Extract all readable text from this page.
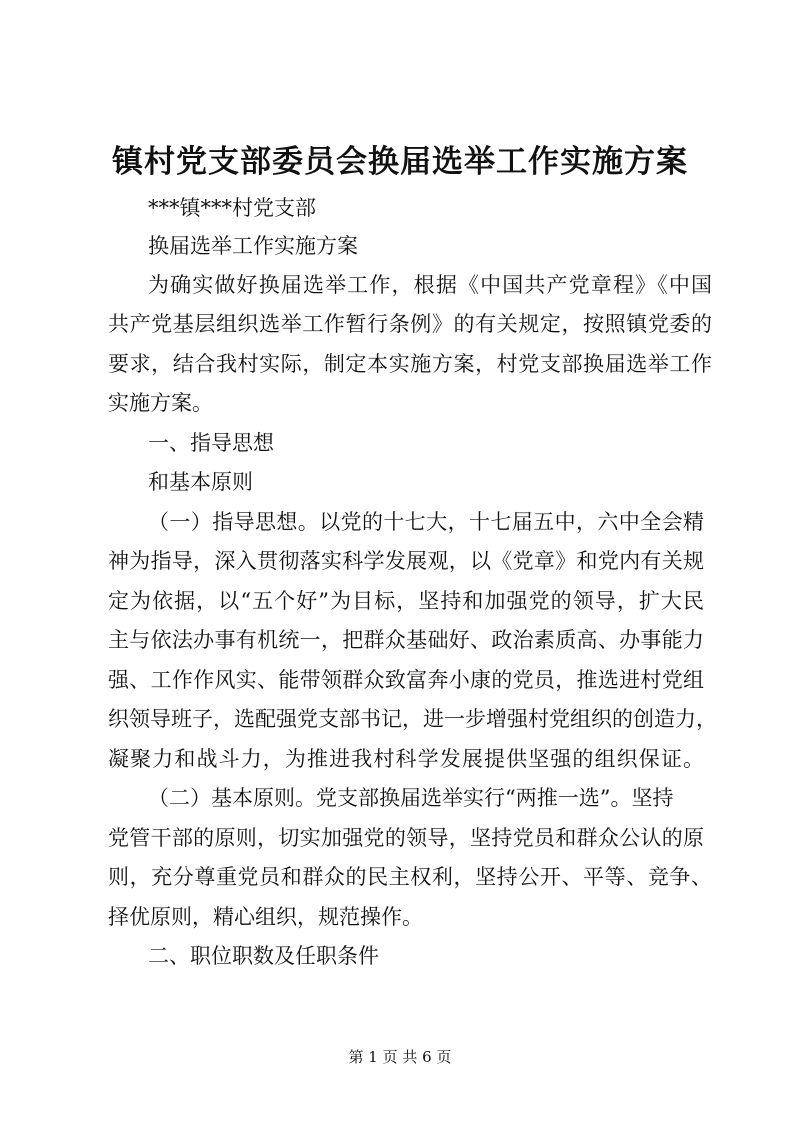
镇村党支部委员会换届选举工作实施方案
***镇***村党支部
换届选举工作实施方案
为确实做好换届选举工作，根据《中国共产党章程》《中国
共产党基层组织选举工作暂行条例》的有关规定，按照镇党委的
要求，结合我村实际，制定本实施方案，村党支部换届选举工作
实施方案。
一、指导思想
和基本原则
（一）指导思想。以党的十七大，十七届五中，六中全会精
神为指导，深入贯彻落实科学发展观，以《党章》和党内有关规
定为依据，以“五个好”为目标，坚持和加强党的领导，扩大民
主与依法办事有机统一，把群众基础好、政治素质高、办事能力
强、工作作风实、能带领群众致富奔小康的党员，推选进村党组
织领导班子，选配强党支部书记，进一步增强村党组织的创造力，
凝聚力和战斗力，为推进我村科学发展提供坚强的组织保证。
（二）基本原则。党支部换届选举实行“两推一选”。坚持
党管干部的原则，切实加强党的领导，坚持党员和群众公认的原
则，充分尊重党员和群众的民主权利，坚持公开、平等、竞争、
择优原则，精心组织，规范操作。
二、职位职数及任职条件
第 1 页 共 6 页
